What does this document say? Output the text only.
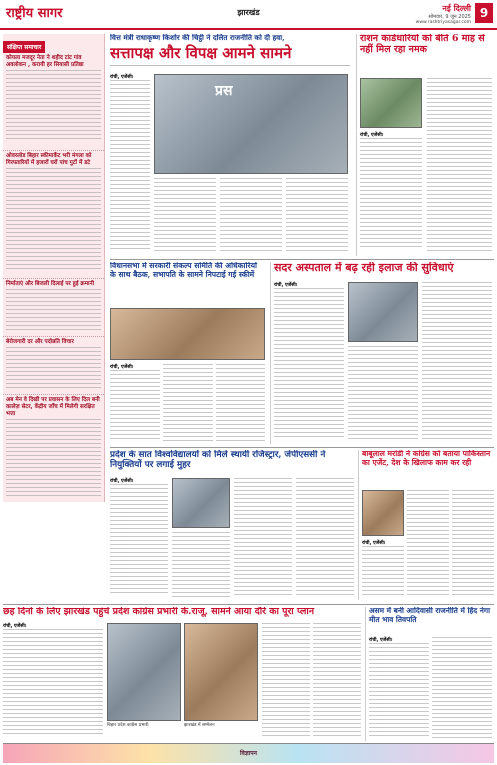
राष्ट्रीय सागर	झारखंड	नई दिल्ली
सोमवार, 9 जून 2025
www.rashtriyasagar.com
9
संक्षिप्त समाचार
कोयला मजदूर नेता ने शहीद टांट गांव अवलोकन , करायी हर सियासी प्रतिष्ठा
ओवरलोड बिहार स्कीमार्केट भरी मंगला को गिरफ्तारियों में हजारों घरों पांच गुटों में डटे
निर्माताएं और बिजली दिलाई पर हुई क्रमानी
बेरोजगारी दर और पदोन्नति विचार
अब मेन वे दिखी पर प्रवासन के लिए दिल बनी कालेज़ सेटर, केंद्रीय जाँच में मिलेगी सरक्षित भत्ता
वित्त मंत्री राधाकृष्ण किशोर की चिट्ठी ने दलित राजनीति को दी हवा,
सत्तापक्ष और विपक्ष आमने सामने
रांची, एजेंसी।
प्रस
राशन कार्डधारियों को बीते 6 माह से नहीं मिल रहा नमक
रांची, एजेंसी।
विधानसभा में सरकारी संकल्प समिति की अधिकारियों के साथ बैठक, सभापति के सामने निपटाई गई स्कीमें
रांची, एजेंसी।
सदर अस्पताल में बढ़ रही इलाज की सुविधाएं
रांची, एजेंसी।
प्रदेश के सात विश्वविद्यालयों को मिले स्थायी रजिस्ट्रार, जेपीएससी ने नियुक्तियों पर लगाई मुहर
रांची, एजेंसी।
बाबूलाल मरांडी ने कांग्रेस को बताया पाकिस्तान का एजेंट, देश के खिलाफ काम कर रही
रांची, एजेंसी।
छह दिनों के लिए झारखंड पहुंचे प्रदेश कांग्रेस प्रभारी के.राजू, सामने आया दौरे का पूरा प्लान
रांची, एजेंसी।
बिहार प्रदेश कांग्रेस प्रभारी	झारखंड में सम्मेलन
असम में बनी आदिवासी राजनीति में हिंद नेगा मीत भाव तिवपति
रांची, एजेंसी।
विज्ञापन
